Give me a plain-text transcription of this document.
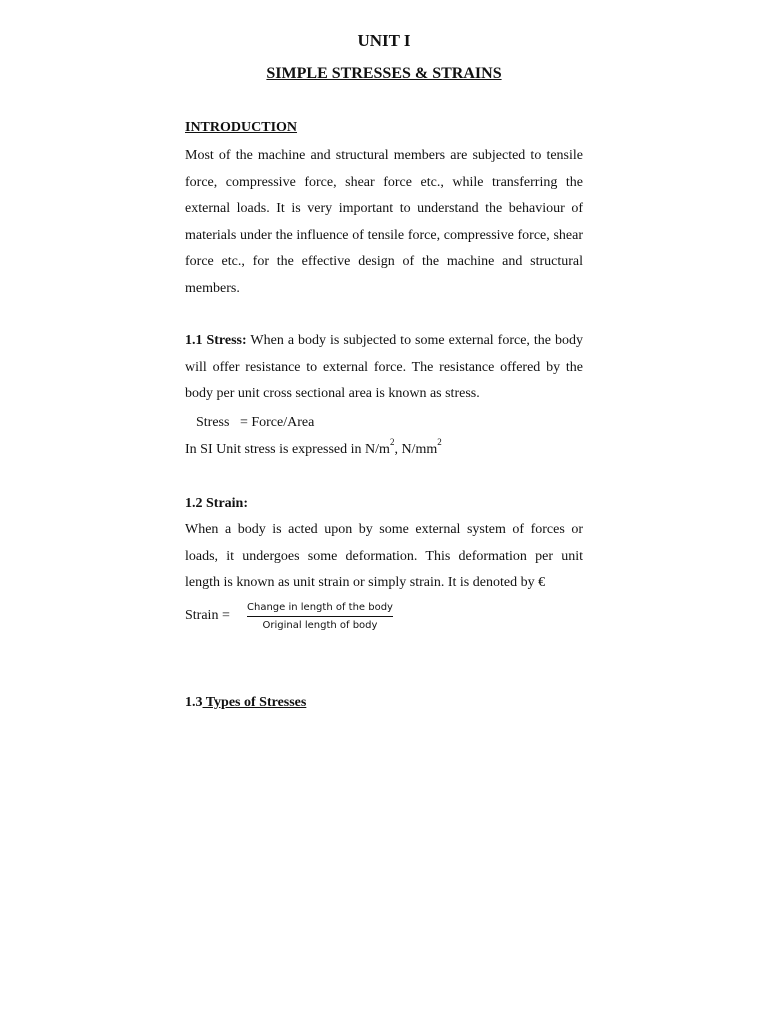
UNIT I
SIMPLE STRESSES & STRAINS
INTRODUCTION
Most of the machine and structural members are subjected to tensile force, compressive force, shear force etc., while transferring the external loads. It is very important to understand the behaviour of materials under the influence of tensile force, compressive force, shear force etc., for the effective design of the machine and structural members.
1.1 Stress: When a body is subjected to some external force, the body will offer resistance to external force. The resistance offered by the body per unit cross sectional area is known as stress.
Stress   = Force/Area
In SI Unit stress is expressed in $N/m^2$, $N/mm^2$
1.2 Strain:
When a body is acted upon by some external system of forces or loads, it undergoes some deformation. This deformation per unit length is known as unit strain or simply strain. It is denoted by €
Strain =
Change in length of the body
Original length of body
1.3 Types of Stresses
